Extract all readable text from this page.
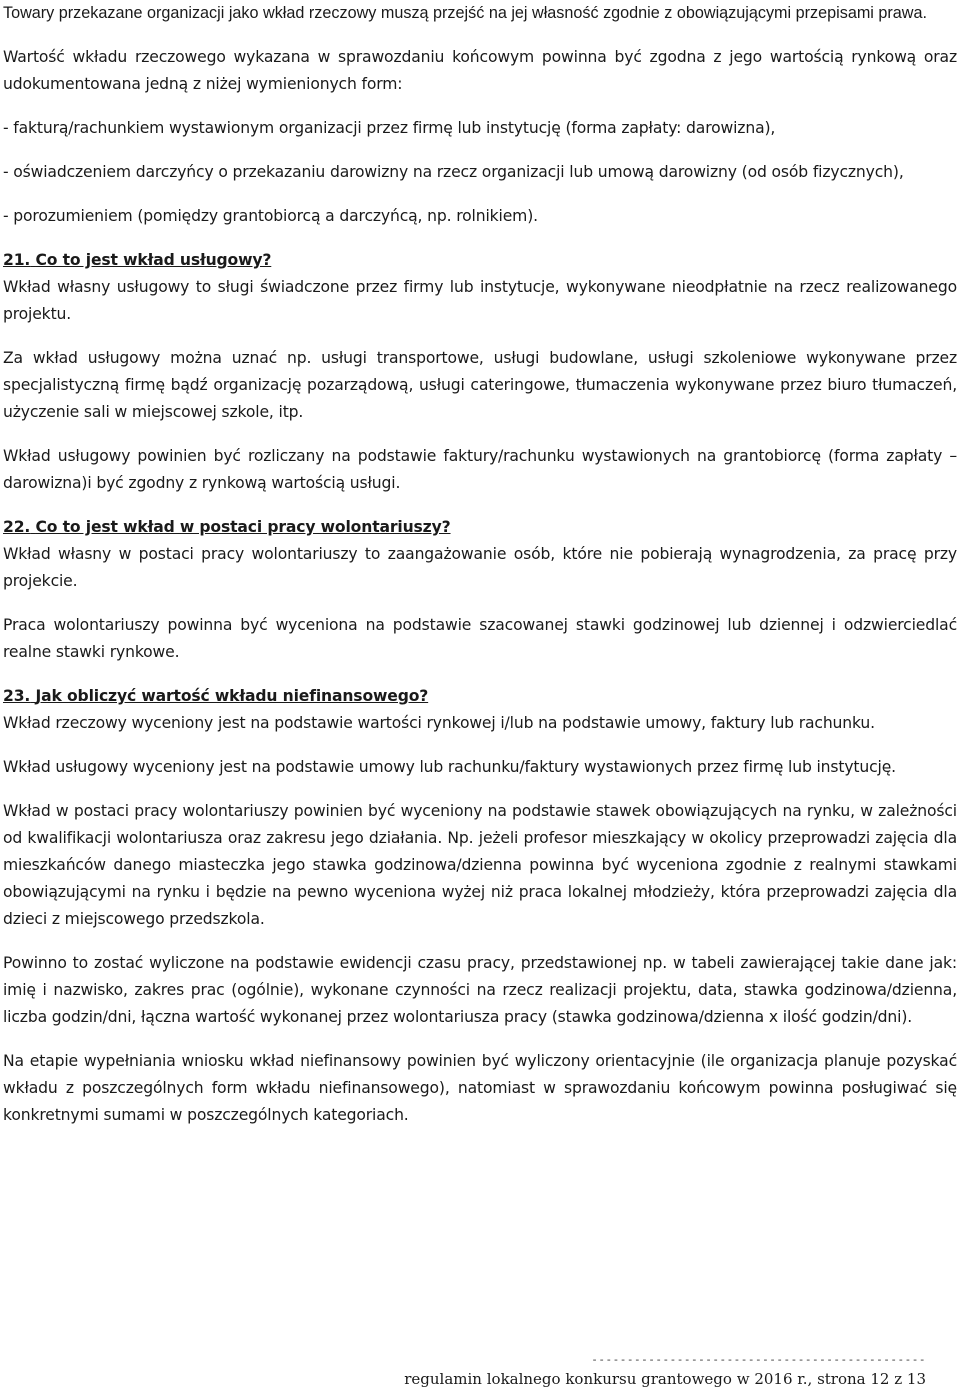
Towary przekazane organizacji jako wkład rzeczowy muszą przejść na jej własność zgodnie z obowiązującymi przepisami prawa.

Wartość wkładu rzeczowego wykazana w sprawozdaniu końcowym powinna być zgodna z jego wartością rynkową oraz udokumentowana jedną z niżej wymienionych form:

- fakturą/rachunkiem wystawionym organizacji przez firmę lub instytucję (forma zapłaty: darowizna),

- oświadczeniem darczyńcy o przekazaniu darowizny na rzecz organizacji lub umową darowizny (od osób fizycznych),

- porozumieniem (pomiędzy grantobiorcą a darczyńcą, np. rolnikiem).

21. Co to jest wkład usługowy?

Wkład własny usługowy to sługi świadczone przez firmy lub instytucje, wykonywane nieodpłatnie na rzecz realizowanego projektu.

Za wkład usługowy można uznać np. usługi transportowe, usługi budowlane, usługi szkoleniowe wykonywane przez specjalistyczną firmę bądź organizację pozarządową, usługi cateringowe, tłumaczenia wykonywane przez biuro tłumaczeń, użyczenie sali w miejscowej szkole, itp.

Wkład usługowy powinien być rozliczany na podstawie faktury/rachunku wystawionych na grantobiorcę (forma zapłaty – darowizna)i być zgodny z rynkową wartością usługi.

22. Co to jest wkład w postaci pracy wolontariuszy?

Wkład własny w postaci pracy wolontariuszy to zaangażowanie osób, które nie pobierają wynagrodzenia, za pracę przy projekcie.

Praca wolontariuszy powinna być wyceniona na podstawie szacowanej stawki godzinowej lub dziennej i odzwierciedlać realne stawki rynkowe.

23. Jak obliczyć wartość wkładu niefinansowego?

Wkład rzeczowy wyceniony jest na podstawie wartości rynkowej i/lub na podstawie umowy, faktury lub rachunku.

Wkład usługowy wyceniony jest na podstawie umowy lub rachunku/faktury wystawionych przez firmę lub instytucję.

Wkład w postaci pracy wolontariuszy powinien być wyceniony na podstawie stawek obowiązujących na rynku, w zależności od kwalifikacji wolontariusza oraz zakresu jego działania. Np. jeżeli profesor mieszkający w okolicy przeprowadzi zajęcia dla mieszkańców danego miasteczka jego stawka godzinowa/dzienna powinna być wyceniona zgodnie z realnymi stawkami obowiązującymi na rynku i będzie na pewno wyceniona wyżej niż praca lokalnej młodzieży, która przeprowadzi zajęcia dla dzieci z miejscowego przedszkola.

Powinno to zostać wyliczone na podstawie ewidencji czasu pracy, przedstawionej np. w tabeli zawierającej takie dane jak: imię i nazwisko, zakres prac (ogólnie), wykonane czynności na rzecz realizacji projektu, data, stawka godzinowa/dzienna, liczba godzin/dni, łączna wartość wykonanej przez wolontariusza pracy (stawka godzinowa/dzienna x ilość godzin/dni).

Na etapie wypełniania wniosku wkład niefinansowy powinien być wyliczony orientacyjnie (ile organizacja planuje pozyskać wkładu z poszczególnych form wkładu niefinansowego), natomiast w sprawozdaniu końcowym powinna posługiwać się konkretnymi sumami w poszczególnych kategoriach.

-----------------------------------------------
regulamin lokalnego konkursu grantowego w 2016 r., strona 12 z 13
